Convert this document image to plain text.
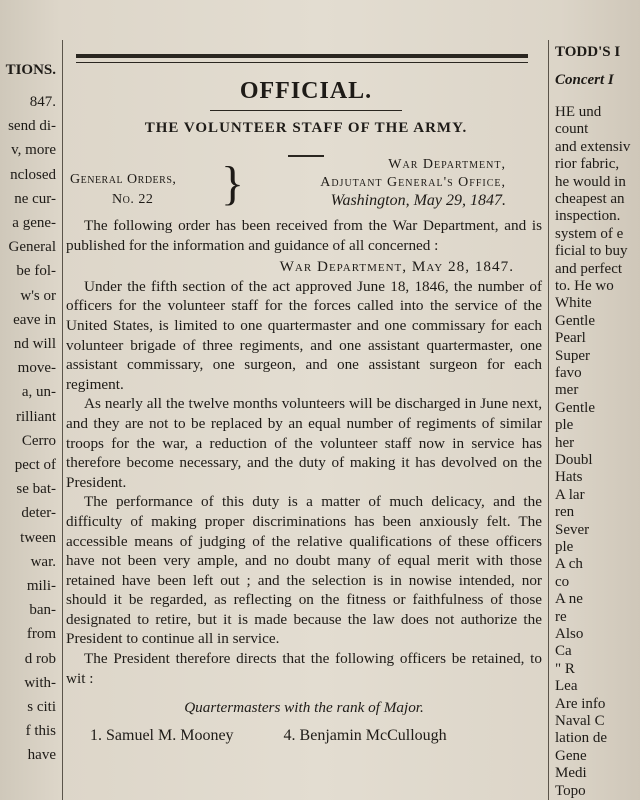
TIONS.
847.
send di-
v, more
nclosed
ne cur-
a gene-
General
be fol-
w's or
eave in
nd will
move-
a, un-
rilliant
Cerro
pect of
se bat-
deter-
tween
war.
mili-
ban-
from
d rob
with-
s citi
f this
have
OFFICIAL.
THE VOLUNTEER STAFF OF THE ARMY.
General Orders,
No. 22	}	War Department,
Adjutant General's Office,
Washington, May 29, 1847.

The following order has been received from the War Department, and is published for the information and guidance of all concerned :

War Department, May 28, 1847.

Under the fifth section of the act approved June 18, 1846, the number of officers for the volunteer staff for the forces called into the service of the United States, is limited to one quartermaster and one commissary for each volunteer brigade of three regiments, and one assistant quartermaster, one assistant commissary, one surgeon, and one assistant surgeon for each regiment.

As nearly all the twelve months volunteers will be discharged in June next, and they are not to be replaced by an equal number of regiments of similar troops for the war, a reduction of the volunteer staff now in service has therefore become necessary, and the duty of making it has devolved on the President.

The performance of this duty is a matter of much delicacy, and the difficulty of making proper discriminations has been anxiously felt. The accessible means of judging of the relative qualifications of these officers have not been very ample, and no doubt many of equal merit with those retained have been left out ; and the selection is in nowise intended, nor should it be regarded, as reflecting on the fitness or faithfulness of those designated to retire, but it is made because the law does not authorize the President to continue all in service.

The President therefore directs that the following officers be retained, to wit :

Quartermasters with the rank of Major.

1. Samuel M. Mooney	4. Benjamin McCullough
TODD'S I
Concert I
HE und
count
and extensiv
rior fabric,
he would in
cheapest an
inspection.
system of e
ficial to buy
and perfect
to. He wo
White
Gentle
Pearl
Super
favo
mer
Gentle
ple
her
Doubl
Hats
A lar
ren
Sever
ple
A ch
co
A ne
re
Also
Ca
" R
Lea
Are info
Naval C
lation de
Gene
Medi
Topo
